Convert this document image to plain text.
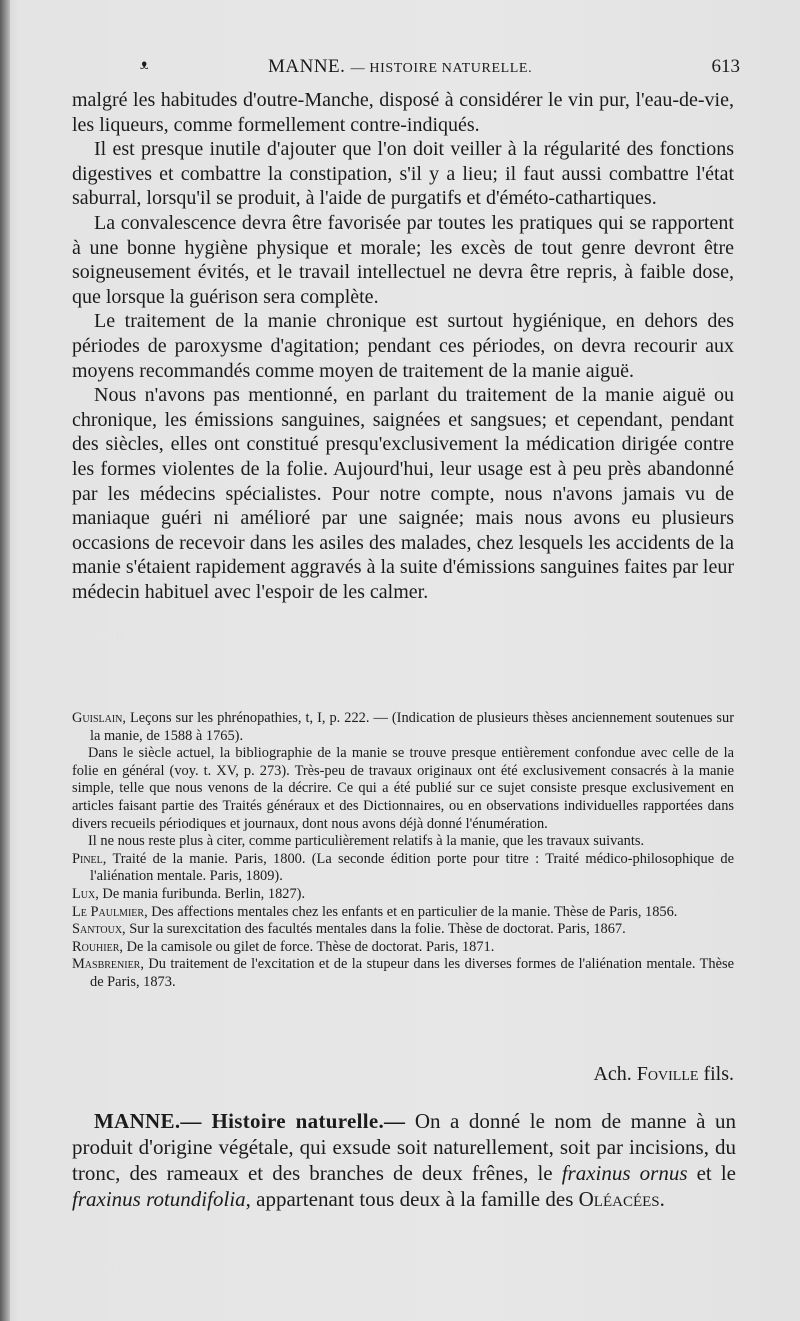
ᴥ	MANNE. — HISTOIRE NATURELLE.	613

malgré les habitudes d'outre-Manche, disposé à considérer le vin pur, l'eau-de-vie, les liqueurs, comme formellement contre-indiqués.

Il est presque inutile d'ajouter que l'on doit veiller à la régularité des fonctions digestives et combattre la constipation, s'il y a lieu; il faut aussi combattre l'état saburral, lorsqu'il se produit, à l'aide de purgatifs et d'éméto-cathartiques.

La convalescence devra être favorisée par toutes les pratiques qui se rapportent à une bonne hygiène physique et morale; les excès de tout genre devront être soigneusement évités, et le travail intellectuel ne devra être repris, à faible dose, que lorsque la guérison sera complète.

Le traitement de la manie chronique est surtout hygiénique, en dehors des périodes de paroxysme d'agitation; pendant ces périodes, on devra recourir aux moyens recommandés comme moyen de traitement de la manie aiguë.

Nous n'avons pas mentionné, en parlant du traitement de la manie aiguë ou chronique, les émissions sanguines, saignées et sangsues; et cependant, pendant des siècles, elles ont constitué presqu'exclusivement la médication dirigée contre les formes violentes de la folie. Aujourd'hui, leur usage est à peu près abandonné par les médecins spécialistes. Pour notre compte, nous n'avons jamais vu de maniaque guéri ni amélioré par une saignée; mais nous avons eu plusieurs occasions de recevoir dans les asiles des malades, chez lesquels les accidents de la manie s'étaient rapidement aggravés à la suite d'émissions sanguines faites par leur médecin habituel avec l'espoir de les calmer.

Guislain, Leçons sur les phrénopathies, t, I, p. 222. — (Indication de plusieurs thèses anciennement soutenues sur la manie, de 1588 à 1765).

Dans le siècle actuel, la bibliographie de la manie se trouve presque entièrement confondue avec celle de la folie en général (voy. t. XV, p. 273). Très-peu de travaux originaux ont été exclusivement consacrés à la manie simple, telle que nous venons de la décrire. Ce qui a été publié sur ce sujet consiste presque exclusivement en articles faisant partie des Traités généraux et des Dictionnaires, ou en observations individuelles rapportées dans divers recueils périodiques et journaux, dont nous avons déjà donné l'énumération.

Il ne nous reste plus à citer, comme particulièrement relatifs à la manie, que les travaux suivants.

Pinel, Traité de la manie. Paris, 1800. (La seconde édition porte pour titre : Traité médico-philosophique de l'aliénation mentale. Paris, 1809).

Lux, De mania furibunda. Berlin, 1827).

Le Paulmier, Des affections mentales chez les enfants et en particulier de la manie. Thèse de Paris, 1856.

Santoux, Sur la surexcitation des facultés mentales dans la folie. Thèse de doctorat. Paris, 1867.

Rouhier, De la camisole ou gilet de force. Thèse de doctorat. Paris, 1871.

Masbrenier, Du traitement de l'excitation et de la stupeur dans les diverses formes de l'aliénation mentale. Thèse de Paris, 1873.

Ach. Foville fils.

MANNE.— Histoire naturelle.— On a donné le nom de manne à un produit d'origine végétale, qui exsude soit naturellement, soit par incisions, du tronc, des rameaux et des branches de deux frênes, le fraxinus ornus et le fraxinus rotundifolia, appartenant tous deux à la famille des Oléacées.
